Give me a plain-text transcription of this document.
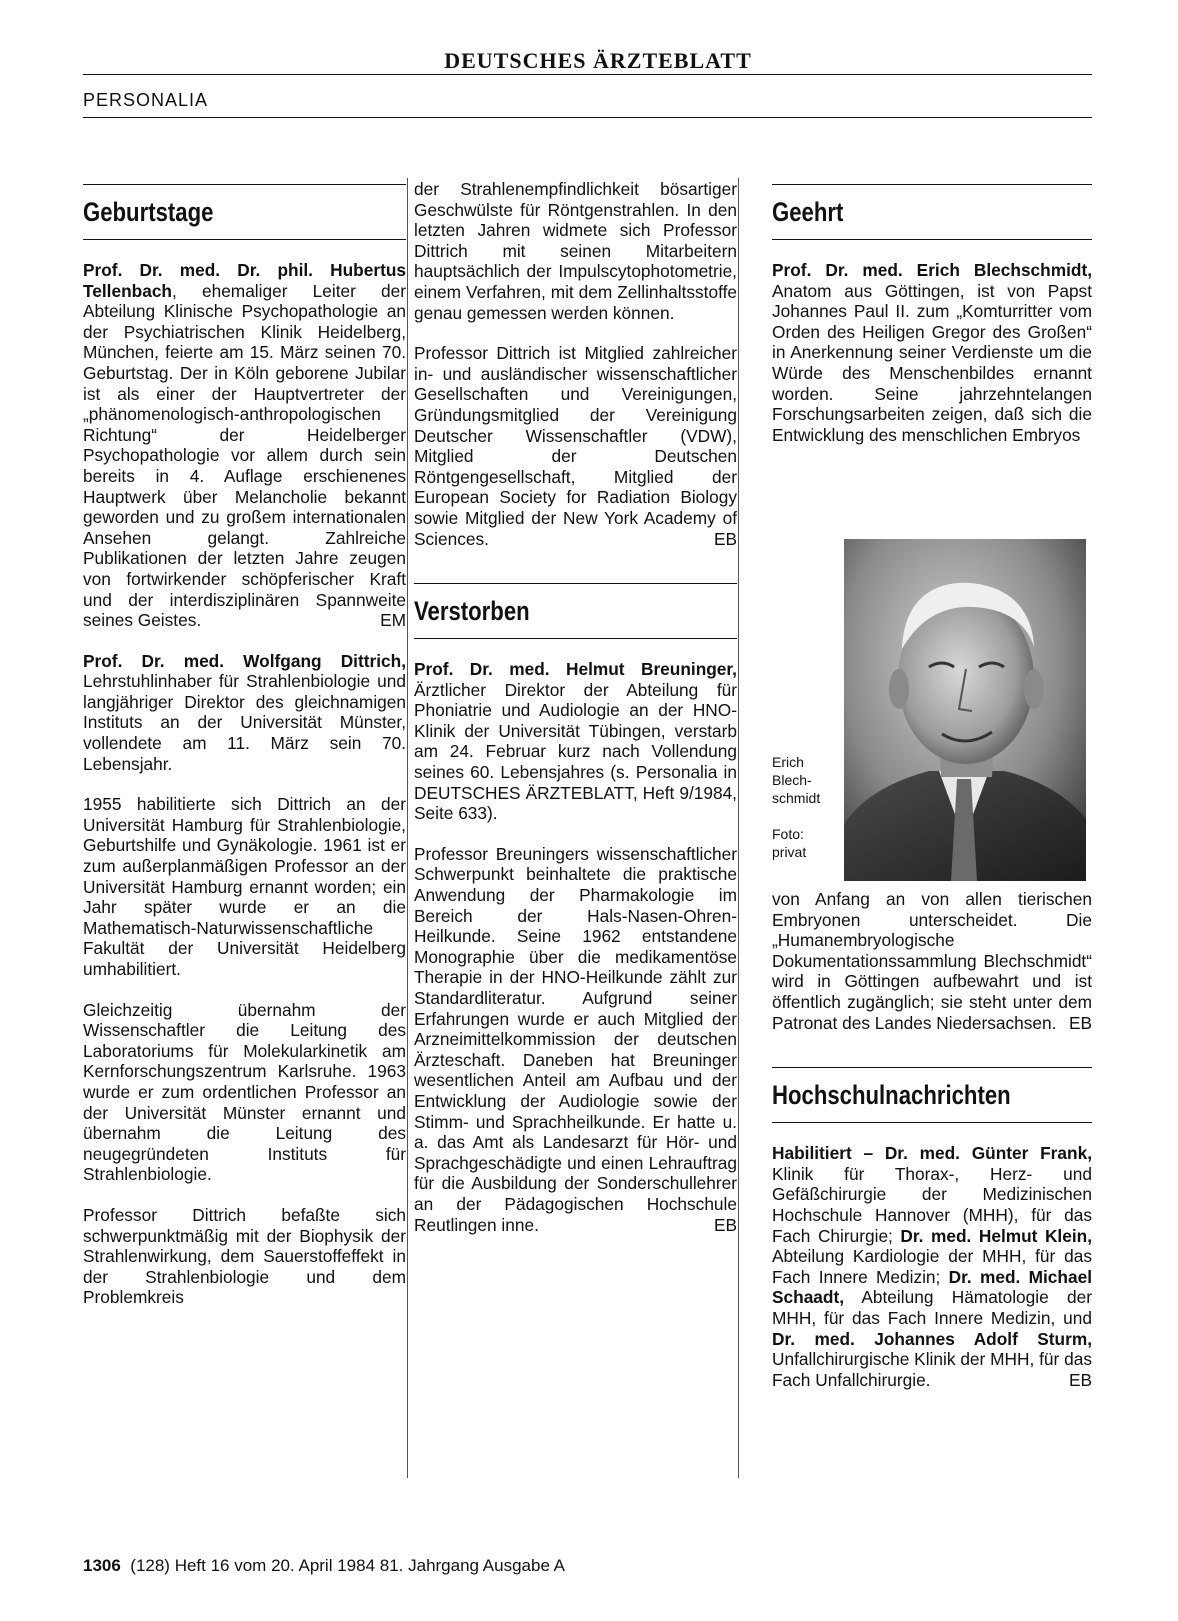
DEUTSCHES ÄRZTEBLATT
PERSONALIA
Geburtstage

Prof. Dr. med. Dr. phil. Hubertus Tellenbach, ehemaliger Leiter der Abteilung Klinische Psychopathologie an der Psychiatrischen Klinik Heidelberg, München, feierte am 15. März seinen 70. Geburtstag. Der in Köln geborene Jubilar ist als einer der Hauptvertreter der „phänomenologisch-anthropologischen Richtung“ der Heidelberger Psychopathologie vor allem durch sein bereits in 4. Auflage erschienenes Hauptwerk über Melancholie bekannt geworden und zu großem internationalen Ansehen gelangt. Zahlreiche Publikationen der letzten Jahre zeugen von fortwirkender schöpferischer Kraft und der interdisziplinären Spannweite seines Geistes.	EM

Prof. Dr. med. Wolfgang Dittrich, Lehrstuhlinhaber für Strahlenbiologie und langjähriger Direktor des gleichnamigen Instituts an der Universität Münster, vollendete am 11. März sein 70. Lebensjahr.

1955 habilitierte sich Dittrich an der Universität Hamburg für Strahlenbiologie, Geburtshilfe und Gynäkologie. 1961 ist er zum außerplanmäßigen Professor an der Universität Hamburg ernannt worden; ein Jahr später wurde er an die Mathematisch-Naturwissenschaftliche Fakultät der Universität Heidelberg umhabilitiert.

Gleichzeitig übernahm der Wissenschaftler die Leitung des Laboratoriums für Molekularkinetik am Kernforschungszentrum Karlsruhe. 1963 wurde er zum ordentlichen Professor an der Universität Münster ernannt und übernahm die Leitung des neugegründeten Instituts für Strahlenbiologie.

Professor Dittrich befaßte sich schwerpunktmäßig mit der Biophysik der Strahlenwirkung, dem Sauerstoffeffekt in der Strahlenbiologie und dem Problemkreis

der Strahlenempfindlichkeit bösartiger Geschwülste für Röntgenstrahlen. In den letzten Jahren widmete sich Professor Dittrich mit seinen Mitarbeitern hauptsächlich der Impulscytophotometrie, einem Verfahren, mit dem Zellinhaltsstoffe genau gemessen werden können.

Professor Dittrich ist Mitglied zahlreicher in- und ausländischer wissenschaftlicher Gesellschaften und Vereinigungen, Gründungsmitglied der Vereinigung Deutscher Wissenschaftler (VDW), Mitglied der Deutschen Röntgengesellschaft, Mitglied der European Society for Radiation Biology sowie Mitglied der New York Academy of Sciences.	EB

Verstorben

Prof. Dr. med. Helmut Breuninger, Ärztlicher Direktor der Abteilung für Phoniatrie und Audiologie an der HNO-Klinik der Universität Tübingen, verstarb am 24. Februar kurz nach Vollendung seines 60. Lebensjahres (s. Personalia in DEUTSCHES ÄRZTEBLATT, Heft 9/1984, Seite 633).

Professor Breuningers wissenschaftlicher Schwerpunkt beinhaltete die praktische Anwendung der Pharmakologie im Bereich der Hals-Nasen-Ohren-Heilkunde. Seine 1962 entstandene Monographie über die medikamentöse Therapie in der HNO-Heilkunde zählt zur Standardliteratur. Aufgrund seiner Erfahrungen wurde er auch Mitglied der Arzneimittelkommission der deutschen Ärzteschaft. Daneben hat Breuninger wesentlichen Anteil am Aufbau und der Entwicklung der Audiologie sowie der Stimm- und Sprachheilkunde. Er hatte u. a. das Amt als Landesarzt für Hör- und Sprachgeschädigte und einen Lehrauftrag für die Ausbildung der Sonderschullehrer an der Pädagogischen Hochschule Reutlingen inne.	EB

Geehrt

Prof. Dr. med. Erich Blechschmidt, Anatom aus Göttingen, ist von Papst Johannes Paul II. zum „Komturritter vom Orden des Heiligen Gregor des Großen“ in Anerkennung seiner Verdienste um die Würde des Menschenbildes ernannt worden. Seine jahrzehntelangen Forschungsarbeiten zeigen, daß sich die Entwicklung des menschlichen Embryos

Erich
Blech-
schmidt
Foto:
privat

von Anfang an von allen tierischen Embryonen unterscheidet. Die „Humanembryologische Dokumentationssammlung Blechschmidt“ wird in Göttingen aufbewahrt und ist öffentlich zugänglich; sie steht unter dem Patronat des Landes Niedersachsen. EB

Hochschulnachrichten

Habilitiert – Dr. med. Günter Frank, Klinik für Thorax-, Herz- und Gefäßchirurgie der Medizinischen Hochschule Hannover (MHH), für das Fach Chirurgie; Dr. med. Helmut Klein, Abteilung Kardiologie der MHH, für das Fach Innere Medizin; Dr. med. Michael Schaadt, Abteilung Hämatologie der MHH, für das Fach Innere Medizin, und Dr. med. Johannes Adolf Sturm, Unfallchirurgische Klinik der MHH, für das Fach Unfallchirurgie.	EB

1306 (128) Heft 16 vom 20. April 1984 81. Jahrgang Ausgabe A
